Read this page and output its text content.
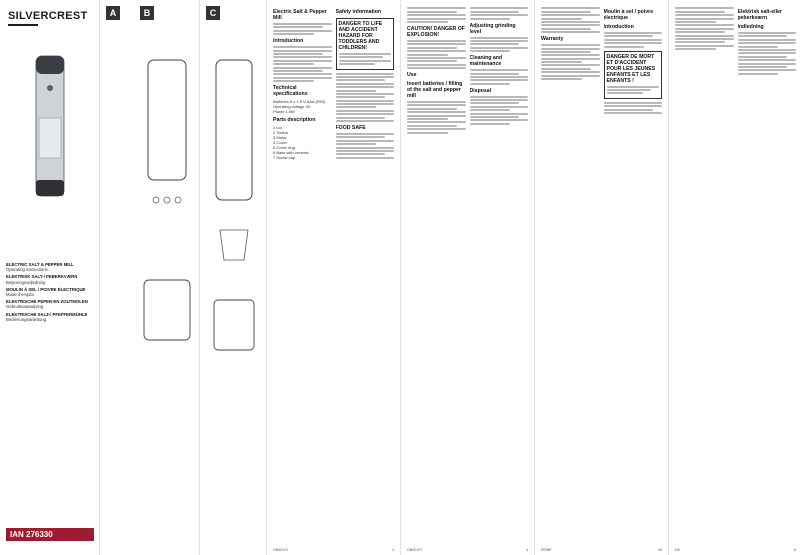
SILVERCREST
ELECTRIC SALT & PEPPER MILL
Operating instructions
ELEKTRISK SALT-/ PEBERKVÆRN
Betjeningsvejledning
MOULIN À SEL / POIVRE ÉLECTRIQUE
Mode d'emploi
ELEKTRISCHE PEPER-EN ZOUTMOLEN
Gebruiksaanwijzing
ELEKTRISCHE SALZ-/ PFEFFERMÜHLE
Bedienungsanleitung
IAN 276330
A	B	C	Electric Salt & Pepper Mill
Introduction
Technical specifications
Batteries 6 x 1.5 V AAA (R03)
Operating voltage 9V
Power 1.5W
Parts description
1 Lid
2 Switch
3 Motor
4 Cover
5 Cover ring
6 Base with ceramic
7 Screw cap
Safety information
DANGER TO LIFE AND ACCIDENT HAZARD FOR TODDLERS AND CHILDREN!
FOOD SAFE
GB/IE/CY	3
CAUTION! DANGER OF EXPLOSION!
Use
Insert batteries / filling of the salt and pepper mill
Adjusting grinding level
Cleaning and maintenance
Disposal
GB/IE/CY	4
Warranty
Moulin à sel / poivre électrique
Introduction
DANGER DE MORT ET D'ACCIDENT POUR LES JEUNES ENFANTS ET LES ENFANTS !
FR/BE	15
Elektrisk salt-eller peberkværn
Indledning
DK	6
